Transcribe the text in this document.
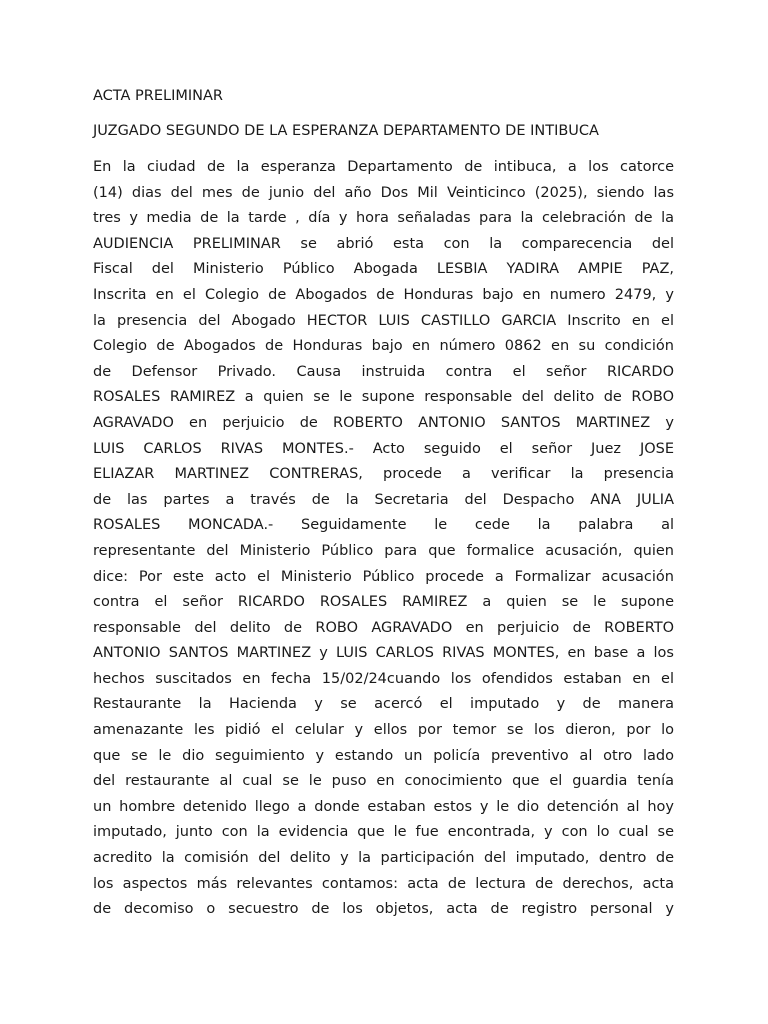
ACTA PRELIMINAR
JUZGADO SEGUNDO DE LA ESPERANZA DEPARTAMENTO DE INTIBUCA
En la ciudad de la esperanza Departamento de intibuca, a los catorce
(14) dias del mes de junio del año Dos Mil Veinticinco (2025), siendo las
tres y media de la tarde , día y hora señaladas para la celebración de la
AUDIENCIA PRELIMINAR se abrió esta con la comparecencia del
Fiscal del Ministerio Público Abogada LESBIA YADIRA AMPIE PAZ,
Inscrita en el Colegio de Abogados de Honduras bajo en numero 2479, y
la presencia del Abogado HECTOR LUIS CASTILLO GARCIA Inscrito en el
Colegio de Abogados de Honduras bajo en número 0862 en su condición
de Defensor Privado. Causa instruida contra el señor RICARDO
ROSALES RAMIREZ a quien se le supone responsable del delito de ROBO
AGRAVADO en perjuicio de ROBERTO ANTONIO SANTOS MARTINEZ y
LUIS CARLOS RIVAS MONTES.- Acto seguido el señor Juez JOSE
ELIAZAR MARTINEZ CONTRERAS, procede a verificar la presencia
de las partes a través de la Secretaria del Despacho ANA JULIA
ROSALES MONCADA.- Seguidamente le cede la palabra al
representante del Ministerio Público para que formalice acusación, quien
dice: Por este acto el Ministerio Público procede a Formalizar acusación
contra el señor RICARDO ROSALES RAMIREZ a quien se le supone
responsable del delito de ROBO AGRAVADO en perjuicio de ROBERTO
ANTONIO SANTOS MARTINEZ y LUIS CARLOS RIVAS MONTES, en base a los
hechos suscitados en fecha 15/02/24cuando los ofendidos estaban en el
Restaurante la Hacienda y se acercó el imputado y de manera
amenazante les pidió el celular y ellos por temor se los dieron, por lo
que se le dio seguimiento y estando un policía preventivo al otro lado
del restaurante al cual se le puso en conocimiento que el guardia tenía
un hombre detenido llego a donde estaban estos y le dio detención al hoy
imputado, junto con la evidencia que le fue encontrada, y con lo cual se
acredito la comisión del delito y la participación del imputado, dentro de
los aspectos más relevantes contamos: acta de lectura de derechos, acta
de decomiso o secuestro de los objetos, acta de registro personal y
